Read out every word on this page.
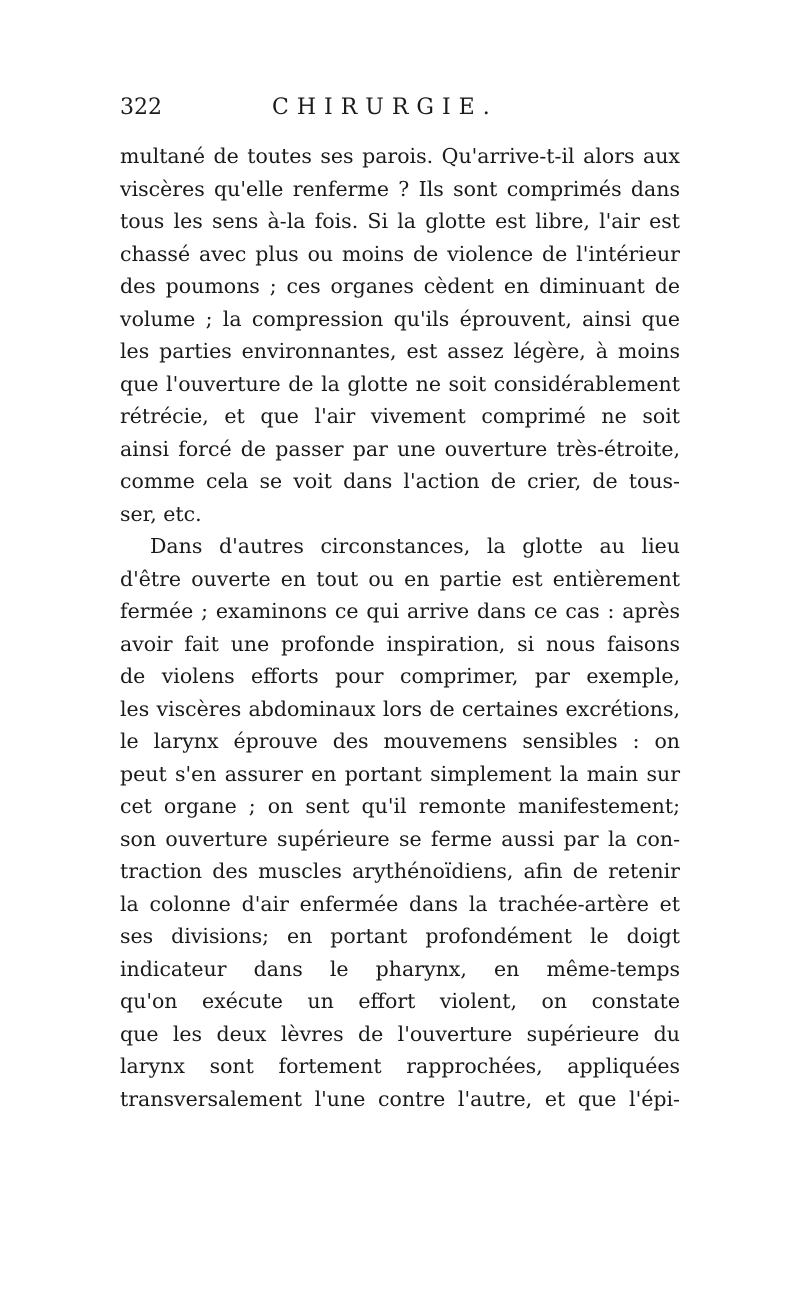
322	CHIRURGIE.
multané de toutes ses parois. Qu'arrive-t-il alors aux
viscères qu'elle renferme ? Ils sont comprimés dans
tous les sens à-la fois. Si la glotte est libre, l'air est
chassé avec plus ou moins de violence de l'intérieur
des poumons ; ces organes cèdent en diminuant de
volume ; la compression qu'ils éprouvent, ainsi que
les parties environnantes, est assez légère, à moins
que l'ouverture de la glotte ne soit considérablement
rétrécie, et que l'air vivement comprimé ne soit
ainsi forcé de passer par une ouverture très-étroite,
comme cela se voit dans l'action de crier, de tous-
ser, etc.
Dans d'autres circonstances, la glotte au lieu
d'être ouverte en tout ou en partie est entièrement
fermée ; examinons ce qui arrive dans ce cas : après
avoir fait une profonde inspiration, si nous faisons
de violens efforts pour comprimer, par exemple,
les viscères abdominaux lors de certaines excrétions,
le larynx éprouve des mouvemens sensibles : on
peut s'en assurer en portant simplement la main sur
cet organe ; on sent qu'il remonte manifestement;
son ouverture supérieure se ferme aussi par la con-
traction des muscles arythénoïdiens, afin de retenir
la colonne d'air enfermée dans la trachée-artère et
ses divisions; en portant profondément le doigt
indicateur dans le pharynx, en même-temps
qu'on exécute un effort violent, on constate
que les deux lèvres de l'ouverture supérieure du
larynx sont fortement rapprochées, appliquées
transversalement l'une contre l'autre, et que l'épi-
